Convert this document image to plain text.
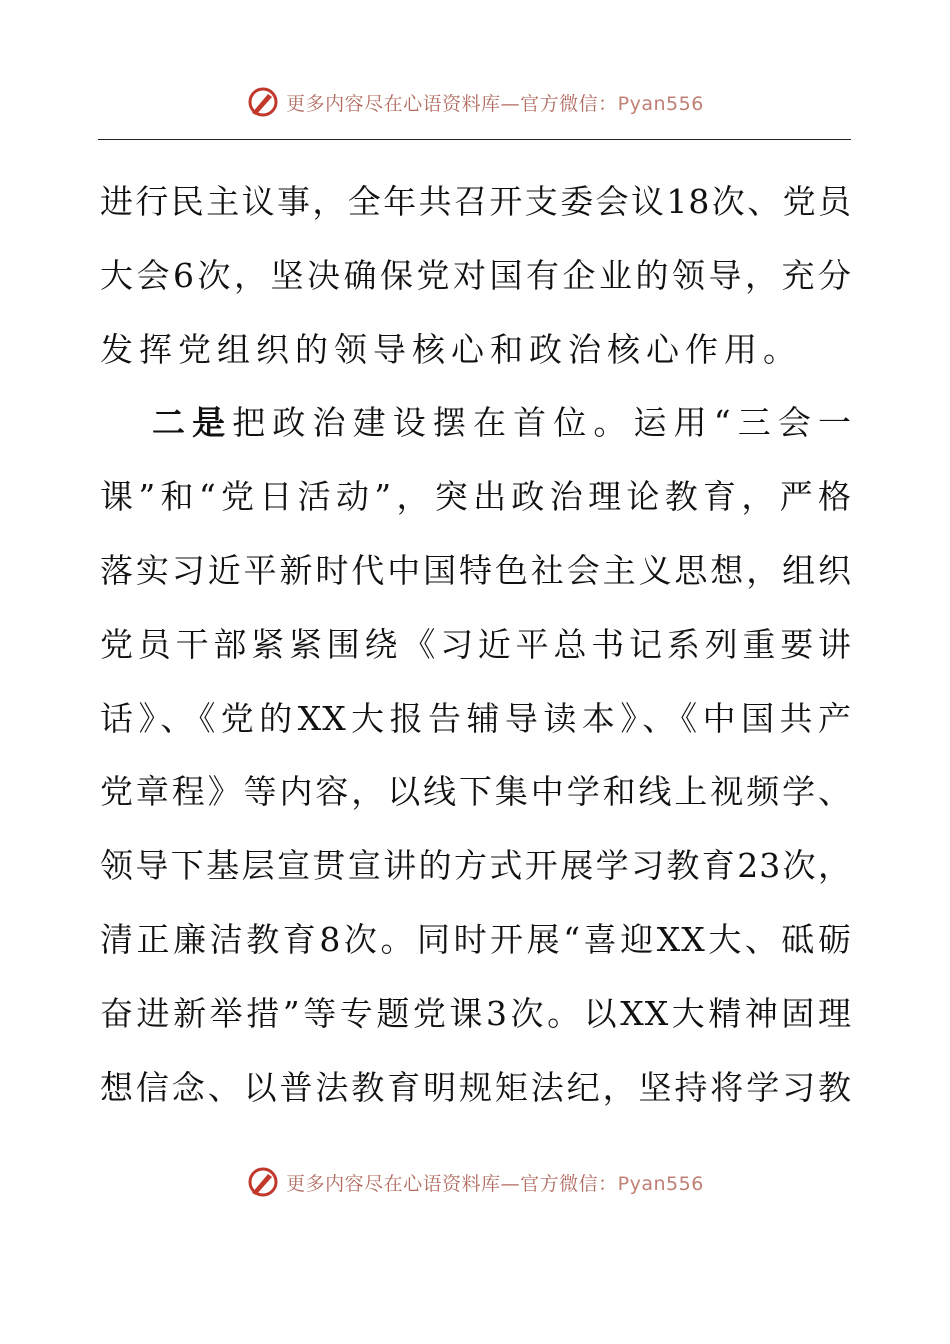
更多内容尽在心语资料库—官方微信：Pyan556
进行民主议事，全年共召开支委会议18次、党员
大会6次，坚决确保党对国有企业的领导，充分
发挥党组织的领导核心和政治核心作用。
二是把政治建设摆在首位。运用“三会一
课”和“党日活动”，突出政治理论教育，严格
落实习近平新时代中国特色社会主义思想，组织
党员干部紧紧围绕《习近平总书记系列重要讲
话》、《党的XX大报告辅导读本》、《中国共产
党章程》等内容，以线下集中学和线上视频学、
领导下基层宣贯宣讲的方式开展学习教育23次，
清正廉洁教育8次。同时开展“喜迎XX大、砥砺
奋进新举措”等专题党课3次。以XX大精神固理
想信念、以普法教育明规矩法纪，坚持将学习教
更多内容尽在心语资料库—官方微信：Pyan556
